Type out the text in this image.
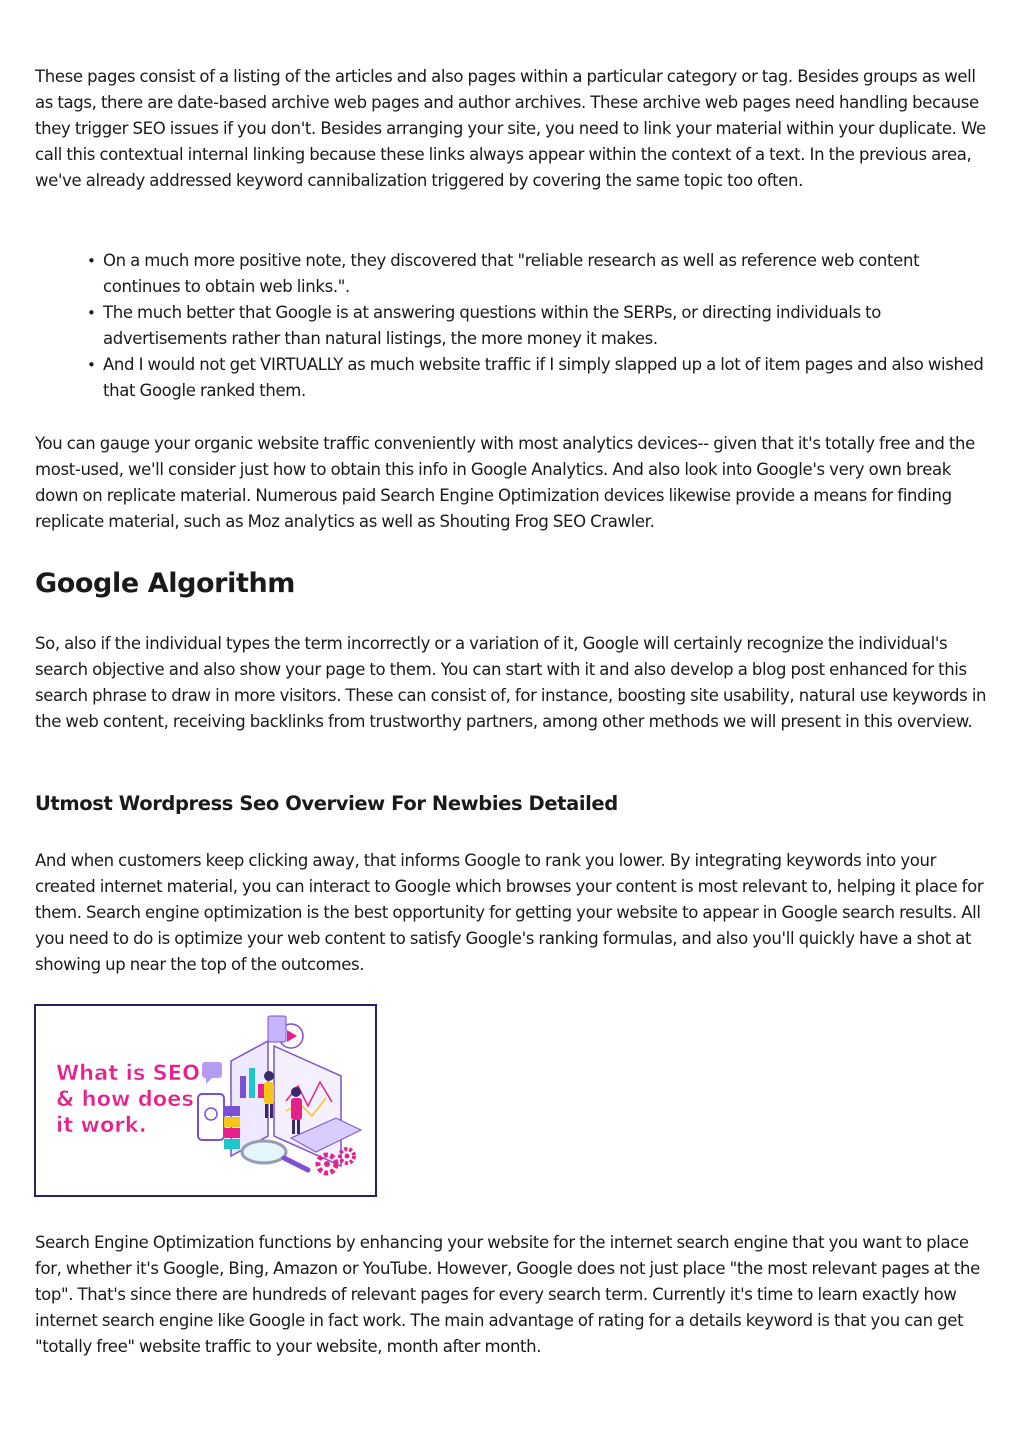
These pages consist of a listing of the articles and also pages within a particular category or tag. Besides groups as well as tags, there are date-based archive web pages and author archives. These archive web pages need handling because they trigger SEO issues if you don't. Besides arranging your site, you need to link your material within your duplicate. We call this contextual internal linking because these links always appear within the context of a text. In the previous area, we've already addressed keyword cannibalization triggered by covering the same topic too often.

• On a much more positive note, they discovered that "reliable research as well as reference web content continues to obtain web links.".
• The much better that Google is at answering questions within the SERPs, or directing individuals to advertisements rather than natural listings, the more money it makes.
• And I would not get VIRTUALLY as much website traffic if I simply slapped up a lot of item pages and also wished that Google ranked them.

You can gauge your organic website traffic conveniently with most analytics devices-- given that it's totally free and the most-used, we'll consider just how to obtain this info in Google Analytics. And also look into Google's very own break down on replicate material. Numerous paid Search Engine Optimization devices likewise provide a means for finding replicate material, such as Moz analytics as well as Shouting Frog SEO Crawler.

Google Algorithm

So, also if the individual types the term incorrectly or a variation of it, Google will certainly recognize the individual's search objective and also show your page to them. You can start with it and also develop a blog post enhanced for this search phrase to draw in more visitors. These can consist of, for instance, boosting site usability, natural use keywords in the web content, receiving backlinks from trustworthy partners, among other methods we will present in this overview.

Utmost Wordpress Seo Overview For Newbies Detailed

And when customers keep clicking away, that informs Google to rank you lower. By integrating keywords into your created internet material, you can interact to Google which browses your content is most relevant to, helping it place for them. Search engine optimization is the best opportunity for getting your website to appear in Google search results. All you need to do is optimize your web content to satisfy Google's ranking formulas, and also you'll quickly have a shot at showing up near the top of the outcomes.

What is SEO
& how does
it work.

Search Engine Optimization functions by enhancing your website for the internet search engine that you want to place for, whether it's Google, Bing, Amazon or YouTube. However, Google does not just place "the most relevant pages at the top". That's since there are hundreds of relevant pages for every search term. Currently it's time to learn exactly how internet search engine like Google in fact work. The main advantage of rating for a details keyword is that you can get "totally free" website traffic to your website, month after month.
